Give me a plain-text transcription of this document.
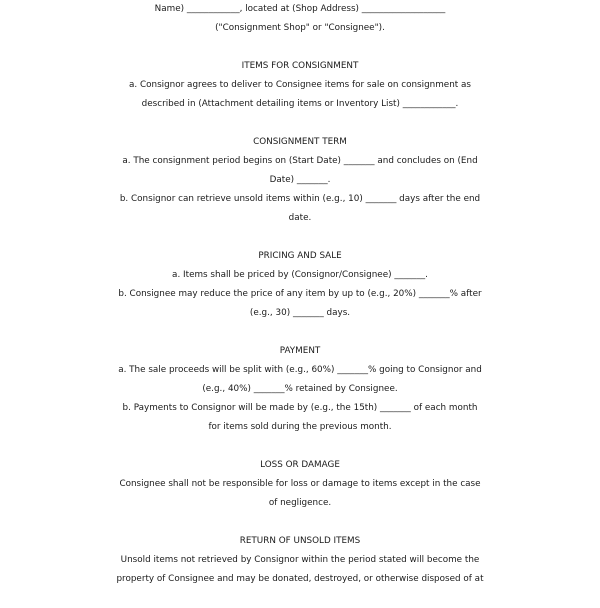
Name) ____________, located at (Shop Address) ___________________
("Consignment Shop" or "Consignee").
ITEMS FOR CONSIGNMENT
a. Consignor agrees to deliver to Consignee items for sale on consignment as
described in (Attachment detailing items or Inventory List) ____________.
CONSIGNMENT TERM
a. The consignment period begins on (Start Date) _______ and concludes on (End
Date) _______.
b. Consignor can retrieve unsold items within (e.g., 10) _______ days after the end
date.
PRICING AND SALE
a. Items shall be priced by (Consignor/Consignee) _______.
b. Consignee may reduce the price of any item by up to (e.g., 20%) _______% after
(e.g., 30) _______ days.
PAYMENT
a. The sale proceeds will be split with (e.g., 60%) _______% going to Consignor and
(e.g., 40%) _______% retained by Consignee.
b. Payments to Consignor will be made by (e.g., the 15th) _______ of each month
for items sold during the previous month.
LOSS OR DAMAGE
Consignee shall not be responsible for loss or damage to items except in the case
of negligence.
RETURN OF UNSOLD ITEMS
Unsold items not retrieved by Consignor within the period stated will become the
property of Consignee and may be donated, destroyed, or otherwise disposed of at
